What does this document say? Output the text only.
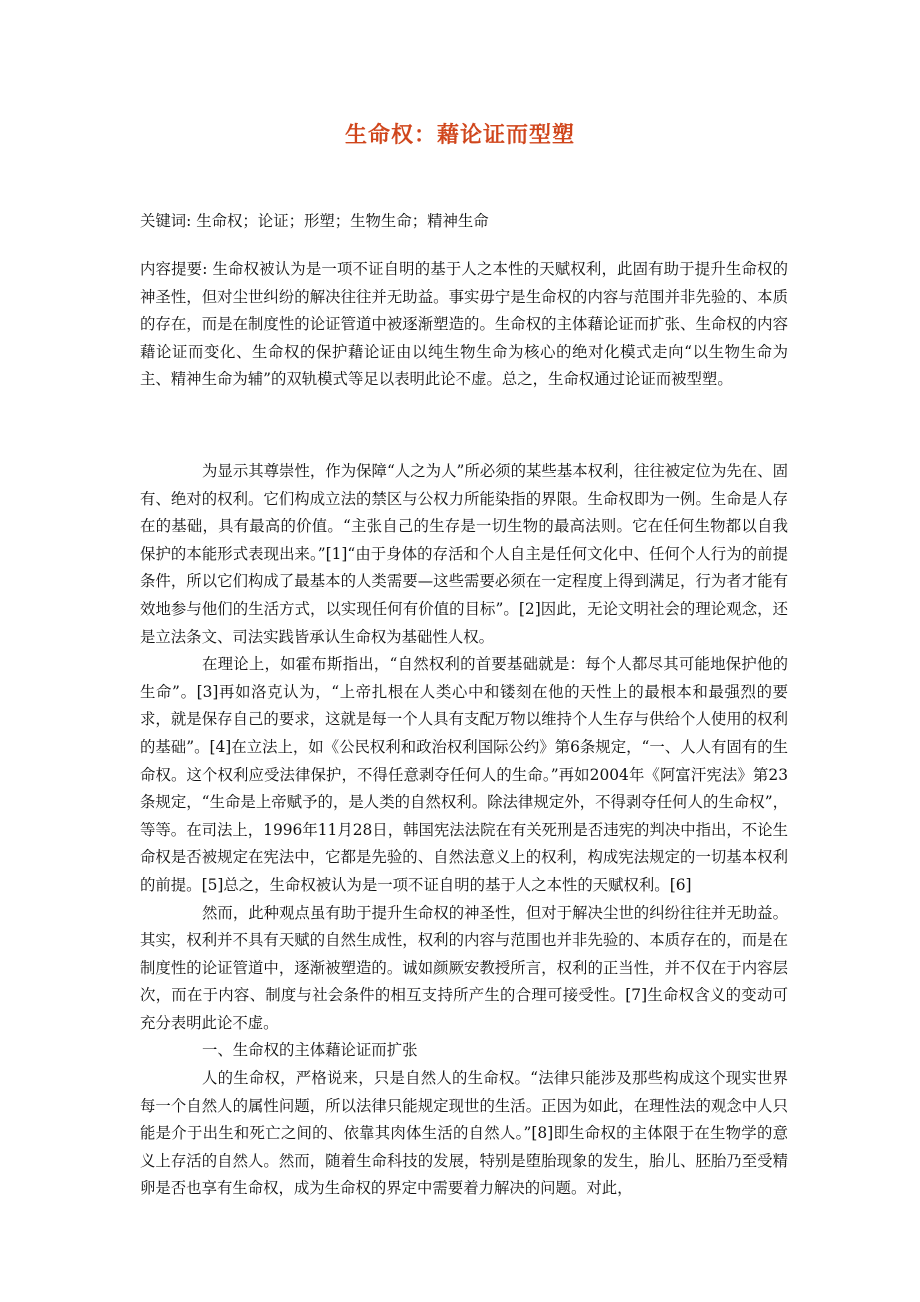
生命权：藉论证而型塑

关键词: 生命权；论证；形塑；生物生命；精神生命

内容提要: 生命权被认为是一项不证自明的基于人之本性的天赋权利，此固有助于提升生命权的神圣性，但对尘世纠纷的解决往往并无助益。事实毋宁是生命权的内容与范围并非先验的、本质的存在，而是在制度性的论证管道中被逐渐塑造的。生命权的主体藉论证而扩张、生命权的内容藉论证而变化、生命权的保护藉论证由以纯生物生命为核心的绝对化模式走向“以生物生命为主、精神生命为辅”的双轨模式等足以表明此论不虚。总之，生命权通过论证而被型塑。

为显示其尊崇性，作为保障“人之为人”所必须的某些基本权利，往往被定位为先在、固有、绝对的权利。它们构成立法的禁区与公权力所能染指的界限。生命权即为一例。生命是人存在的基础，具有最高的价值。“主张自己的生存是一切生物的最高法则。它在任何生物都以自我保护的本能形式表现出来。”[1]“由于身体的存活和个人自主是任何文化中、任何个人行为的前提条件，所以它们构成了最基本的人类需要—这些需要必须在一定程度上得到满足，行为者才能有效地参与他们的生活方式，以实现任何有价值的目标”。[2]因此，无论文明社会的理论观念，还是立法条文、司法实践皆承认生命权为基础性人权。

在理论上，如霍布斯指出，“自然权利的首要基础就是：每个人都尽其可能地保护他的生命”。[3]再如洛克认为，“上帝扎根在人类心中和镂刻在他的天性上的最根本和最强烈的要求，就是保存自己的要求，这就是每一个人具有支配万物以维持个人生存与供给个人使用的权利的基础”。[4]在立法上，如《公民权利和政治权利国际公约》第6条规定，“一、人人有固有的生命权。这个权利应受法律保护，不得任意剥夺任何人的生命。”再如2004年《阿富汗宪法》第23条规定，“生命是上帝赋予的，是人类的自然权利。除法律规定外，不得剥夺任何人的生命权”，等等。在司法上，1996年11月28日，韩国宪法法院在有关死刑是否违宪的判决中指出，不论生命权是否被规定在宪法中，它都是先验的、自然法意义上的权利，构成宪法规定的一切基本权利的前提。[5]总之，生命权被认为是一项不证自明的基于人之本性的天赋权利。[6]

然而，此种观点虽有助于提升生命权的神圣性，但对于解决尘世的纠纷往往并无助益。其实，权利并不具有天赋的自然生成性，权利的内容与范围也并非先验的、本质存在的，而是在制度性的论证管道中，逐渐被塑造的。诚如颜厥安教授所言，权利的正当性，并不仅在于内容层次，而在于内容、制度与社会条件的相互支持所产生的合理可接受性。[7]生命权含义的变动可充分表明此论不虚。

一、生命权的主体藉论证而扩张

人的生命权，严格说来，只是自然人的生命权。“法律只能涉及那些构成这个现实世界每一个自然人的属性问题，所以法律只能规定现世的生活。正因为如此，在理性法的观念中人只能是介于出生和死亡之间的、依靠其肉体生活的自然人。”[8]即生命权的主体限于在生物学的意义上存活的自然人。然而，随着生命科技的发展，特别是堕胎现象的发生，胎儿、胚胎乃至受精卵是否也享有生命权，成为生命权的界定中需要着力解决的问题。对此，
